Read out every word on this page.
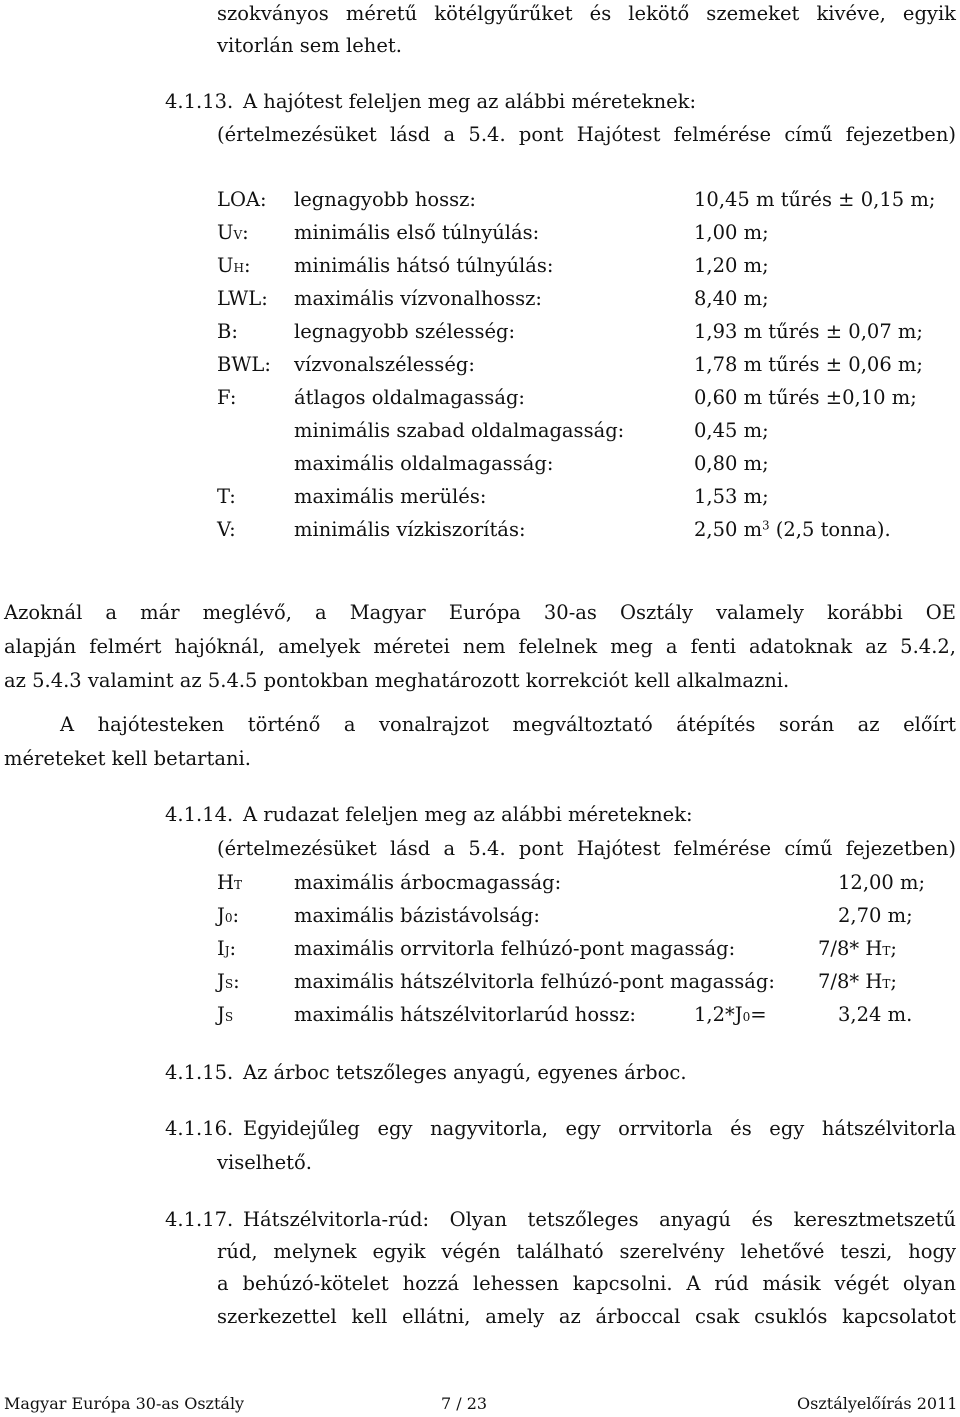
szokványos méretű kötélgyűrűket és lekötő szemeket kivéve, egyik
vitorlán sem lehet.
4.1.13. A hajótest feleljen meg az alábbi méreteknek:
(értelmezésüket lásd a 5.4. pont Hajótest felmérése című fejezetben)
LOA: legnagyobb hossz:	10,45 m tűrés ± 0,15 m;
UV: minimális első túlnyúlás:	1,00 m;
UH: minimális hátsó túlnyúlás:	1,20 m;
LWL: maximális vízvonalhossz:	8,40 m;
B:	legnagyobb szélesség:	1,93 m tűrés ± 0,07 m;
BWL: vízvonalszélesség:	1,78 m tűrés ± 0,06 m;
F:	átlagos oldalmagasság:	0,60 m tűrés ±0,10 m;
minimális szabad oldalmagasság:	0,45 m;
maximális oldalmagasság:	0,80 m;
T:	maximális merülés:	1,53 m;
V:	minimális vízkiszorítás:	2,50 $m^3$ (2,5 tonna).
Azoknál a már meglévő, a Magyar Európa 30-as Osztály valamely korábbi OE
alapján felmért hajóknál, amelyek méretei nem felelnek meg a fenti adatoknak az 5.4.2,
az 5.4.3 valamint az 5.4.5 pontokban meghatározott korrekciót kell alkalmazni.
A hajótesteken történő a vonalrajzot megváltoztató átépítés során az előírt
méreteket kell betartani.
4.1.14. A rudazat feleljen meg az alábbi méreteknek:
(értelmezésüket lásd a 5.4. pont Hajótest felmérése című fejezetben)
HT	maximális árbocmagasság:	12,00 m;
J0:	maximális bázistávolság:	2,70 m;
IJ:	maximális orrvitorla felhúzó-pont magasság:	7/8* HT;
JS:	maximális hátszélvitorla felhúzó-pont magasság: 7/8* HT;
JS	maximális hátszélvitorlarúd hossz:	1,2*J0=	3,24 m.
4.1.15. Az árboc tetszőleges anyagú, egyenes árboc.
4.1.16. Egyidejűleg egy nagyvitorla, egy orrvitorla és egy hátszélvitorla
viselhető.
4.1.17. Hátszélvitorla-rúd: Olyan tetszőleges anyagú és keresztmetszetű
rúd, melynek egyik végén található szerelvény lehetővé teszi, hogy
a behúzó-kötelet hozzá lehessen kapcsolni. A rúd másik végét olyan
szerkezettel kell ellátni, amely az árboccal csak csuklós kapcsolatot
Magyar Európa 30-as Osztály	7 / 23	Osztályelőírás 2011
